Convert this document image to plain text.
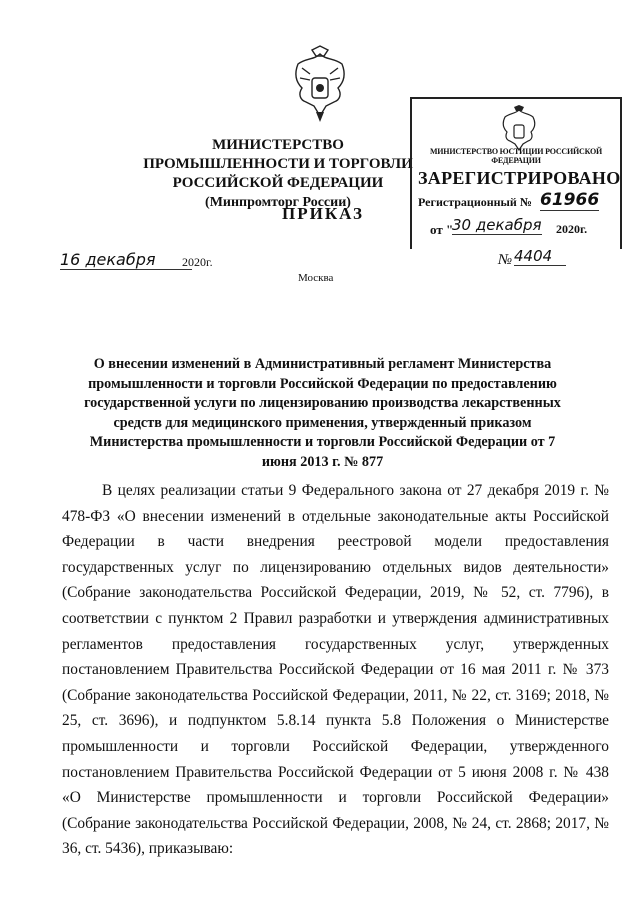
МИНИСТЕРСТВО ПРОМЫШЛЕННОСТИ И ТОРГОВЛИ
РОССИЙСКОЙ ФЕДЕРАЦИИ
(Минпромторг России)
ПРИКАЗ
МИНИСТЕРСТВО ЮСТИЦИИ РОССИЙСКОЙ ФЕДЕРАЦИИ
ЗАРЕГИСТРИРОВАНО
Регистрационный № 61966
от "
30 декабря 2020г.
16 декабря	2020г.	№ 4404
Москва
О внесении изменений в Административный регламент Министерства промышленности и торговли Российской Федерации по предоставлению государственной услуги по лицензированию производства лекарственных средств для медицинского применения, утвержденный приказом Министерства промышленности и торговли Российской Федерации от 7 июня 2013 г. № 877

В целях реализации статьи 9 Федерального закона от 27 декабря 2019 г. № 478-ФЗ «О внесении изменений в отдельные законодательные акты Российской Федерации в части внедрения реестровой модели предоставления государственных услуг по лицензированию отдельных видов деятельности» (Собрание законодательства Российской Федерации, 2019, № 52, ст. 7796), в соответствии с пунктом 2 Правил разработки и утверждения административных регламентов предоставления государственных услуг, утвержденных постановлением Правительства Российской Федерации от 16 мая 2011 г. № 373 (Собрание законодательства Российской Федерации, 2011, № 22, ст. 3169; 2018, № 25, ст. 3696), и подпунктом 5.8.14 пункта 5.8 Положения о Министерстве промышленности и торговли Российской Федерации, утвержденного постановлением Правительства Российской Федерации от 5 июня 2008 г. № 438 «О Министерстве промышленности и торговли Российской Федерации» (Собрание законодательства Российской Федерации, 2008, № 24, ст. 2868; 2017, № 36, ст. 5436), приказываю:
